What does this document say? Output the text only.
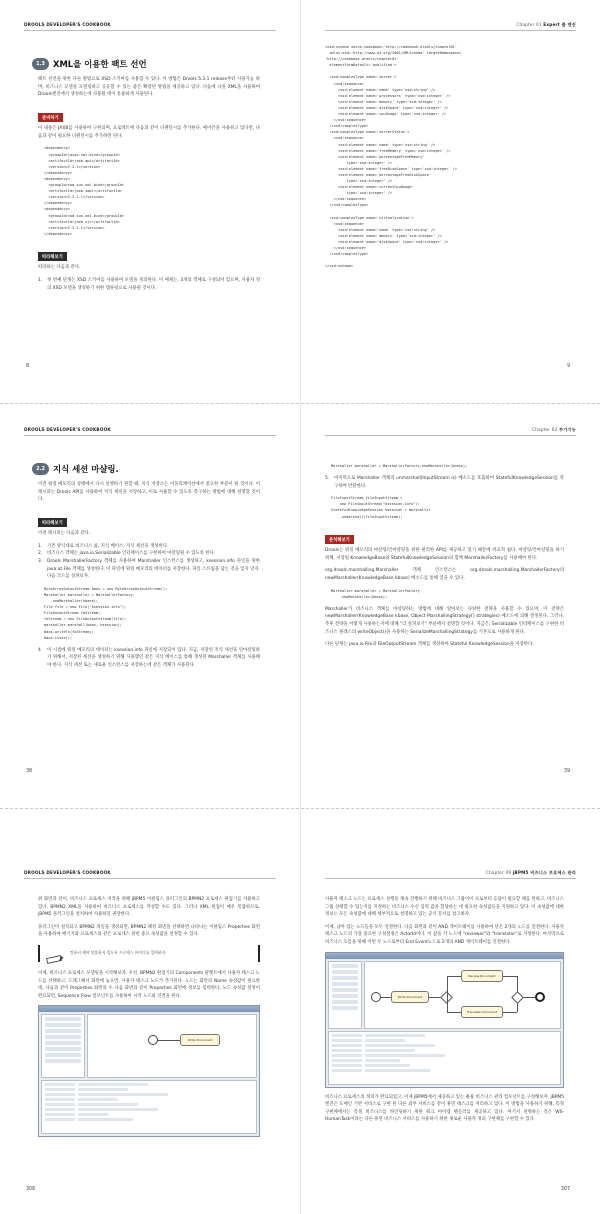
DROOLS DEVELOPER'S COOKBOOK
1.3 XML을 이용한 팩트 선언

팩트 선언을 위한 다른 방법으로 XSD 스키마를 사용할 수 있다. 이 방법은 Drools 5.3.1 release부터 사용가능 하며, 비즈니스 모델을 모델링하고 공유할 수 있는 좋은 확장된 방법을 제공하고 있다. 다음에 나올 XML을 사용하여 Drools엔진에서 생성하는데 사용될 데이 유용하게 사용된다.

준비하기

이 내용은 JAXB를 사용하여 구현되며, 프로젝트에 다음과 같이 디펜던시를 추가한다. 메이븐을 사용하고 있다면, 다음과 같이 필요한 디펜던시를 추가하면 된다.

<dependency>
<groupId>javax.xml.bind</groupId>
<artifactId>jaxb-api</artifactId>
<version>2.2.1</version>
</dependency>
<dependency>
<groupId>com.sun.xml.bind</groupId>
<artifactId>jaxb-impl</artifactId>
<version>2.2.1.1</version>
</dependency>
<dependency>
<groupId>com.sun.xml.bind</groupId>
<artifactId>jaxb-xjc</artifactId>
<version>2.2.1.1</version>
</dependency>
따라해보기

따라하는 다음과 같다.

1.	첫 번째 단계는 XSD 스키마를 사용하여 모델을 정의한다. 이 예제는, 3개의 객체로 구성되어 있으며, 사용자 정의 XSD 모델을 생성하기 위한 템플릿으로 사용될 것이다.
8
Chapter 01 Expert 플 엔진
<xsd:schema xmlns:cookbook='http://cookbook.drools/chapter01'
xmlns:xsd='http://www.w3.org/2001/XMLSchema' targetNamespace=
'http://cookbook.drools/chapter01'
elementFormDefault='qualified'>

<xsd:complexType name='server'>
<xsd:sequence>
<xsd:element name='name' type='xsd:string' />
<xsd:element name='processors' type='xsd:integer' />
<xsd:element name='memory' type='xsd:integer' />
<xsd:element name='diskSpace' type='xsd:integer' />
<xsd:element name='cpuUsage' type='xsd:integer' />
</xsd:sequence>
</xsd:complexType>
<xsd:complexType name='serverStatus'>
<xsd:sequence>
<xsd:element name='name' type='xsd:string' />
<xsd:element name='freeMemory' type='xsd:integer' />
<xsd:element name='percentageFreeMemory'
type='xsd:integer' />
<xsd:element name='freeDiskSpace' type='xsd:integer' />
<xsd:element name='percentageFreeDiskSpace'
type='xsd:integer' />
<xsd:element name='currentCpuUsage'
type='xsd:integer' />
</xsd:sequence>
</xsd:complexType>

<xsd:complexType name='virtualization'>
<xsd:sequence>
<xsd:element name='name' type='xsd:string' />
<xsd:element name='memory' type='xsd:integer' />
<xsd:element name='diskSpace' type='xsd:integer' />
</xsd:sequence>
</xsd:complexType>

</xsd:schema>
9
DROOLS DEVELOPER'S COOKBOOK
2.2 지식 세션 마샬링.

이전 워킹 메모리의 상태에서 다시 실행하기 원할 때, 지식 저장소는 어플리케이션에서 중요한 부분이 될 것이다. 이 레시피는 Drools API를 사용하여 지식 세션을 저장하고, 이로 사용할 수 있도록 복구하는 방법에 대해 설명할 것이다.

따라해보기

이전 레시피는 다음과 같다.

1.	기존 방식대로 비즈니스 룰, 지식 베이스, 지식 세션을 생성한다.
2.	비즈니스 객체는 java.io.Serializable 인터페이스를 구현하여 마샬링될 수 있도록 한다.
3.	Drools MarshallerFactory 객체를 사용하여 Marshaller 인스턴스를 생성하고, ksession.info 파일을 위한 java.ut.File 객체를 생성한다. 이 파일에 워킹 메모리의 데이터를 저장한다. 파일 스트림을 담는 것을 잊지 말자. 다음 코드를 살펴보자.
ByteArrayOutputStream baos = new ByteArrayOutputStream();
Marshaller marshaller = MarshallerFactory.
newMarshaller(kbase);
File file = new File("ksession.info");
FileOutputStream foStream;
foStream = new FileOutputStream(file);
marshaller.marshall(baos, ksession);
baos.writeTo(foStream);
baos.close();
4.	이 시점에 워킹 메모리의 데이터는 ksession.info 파일에 저장되어 있다. 지금, 저장된 지식 세션을 언마샬링하기 위해서, 저장된 세션을 생성하기 위해 사용했던 같은 지식 베이스를 통해 생성된 Marshaller 객체를 사용해야 한다. 지식 세션 또는 새로운 인스턴스를 저장하는데 같은 객체가 사용된다.
38
Chapter 02 부가기능
Marshaller marshaller = MarshallerFactory.newMarshaller(kbase);
5.	마지막으로 Marshaller 객체의 unmarshall(InputStream is) 메소드를 호출하여 StatefulKnowledgeSession를 복구하여 반환한다.
FileInputStream fileInputStream =
new FileInputStream("ksession.info");
StatefulKnowledgeSession ksession = marshaller
.unmarshall(fileInputStream);
분석해보기

Drools는 워킹 메모리의 마샬링/언마샬링을 위한 편리한 API를 제공하고 있기 때문에 비교적 쉽다. 마샬링/언마샬링을 하기 위해, 저장될 KnowledgeBase와 StatefulKnowledgeSession의 함께 MarshallerFactory를 사용해야 한다.

org.drools.marshalling.Marshaller 객체 인스턴스는 org.drools.marshalling.MarshallerFactory의 newMarshaller(KnowledgeBase kbase) 메소드를 통해 얻을 수 있다.

Marshaller marshaller = MarshallerFactory
.newMarshaller(kbase);

Marshaller가 비즈니스 객체를 마샬링하는 방법에 대해 알아보는 다양한 전략을 사용할 수 있으며, 이 전략은 newMarshaller(KnowledgeBase kbase, Object MarshallingStrategy[] strategies) 메소드에 의해 결정된다. 그러나, 추후 전략을 어떻게 사용하는지에 대해 "더 살펴보기" 부분에서 설명할 것이다. 지금은, Serializable 인터페이스를 구현한 비즈니스 클래스의 writeObject()을 사용하는 SerializeMarshallingStrategy를 기본으로 사용하게 한다.

다른 단계는 java.io.File과 FileOutputStream 객체를 생성하여 Stateful KnowledgeSession을 저장한다.

39
DROOLS DEVELOPER'S COOKBOOK

위 화면과 같이, 비즈니스 프로세스 저작을 위해 jBPM5 이클립스 플러그인의 BPMN2 프로세스 편집기를 사용하고 있다. BPMN2 XML을 사용하여 비즈니스 프로세스를 작성할 수도 있다. 그러나 XML 편집이 매우 복잡하므로, jBPM5 플러그인을 설치하여 사용하길 권장한다.

플러그인이 설치되고 BPMN2 파일을 생성되면, BPMN2 패킹 화면을 선택하면 나타나는 이클립스 Properties 화면을 사용하여 매기지와 프로세스의 같은 프로세스 관련 중요 속성값을 설정할 수 있다.

컴퓨터 해야 덧붙하지 업도록 프로세스 아이디를 입력하자.

이제, 비즈니스 프로세스 모델링을 시작해보자. 우선, BPMN2 편집기의 Components 팔렛트에서 사용자 태스크 노드를 선택하고, 드래그해서 화면에 놓으면, 사용자 태스크 노드가 추가된다. 노드는 화면의 Name 속성값이 필요한데, 다음과 같이 Properties 화면의 수 다음 화면과 같이 Properties 화면에 정보를 입력한다, 노드 속성값 설정이 완료되면, Sequence Flow 컴포넌트를 사용하여 시작 노드와 연결을 한다.

Write Document
306
Chapter 09 jBPM5 비즈니스 프로세스 관리

사용자 태스크 노드는 프로세스 실행을 계속 진행하기 위해 비즈니스 그룹이이 프로부터 응답이 필요할 때를 말하고, 비즈니스 그룹 상태할 수 있는지를 지정하는 비즈니스 수신 입력 값을 할당하는 데 필요한 속성값들을 지원하고 있다. 이 속성값에 대한 정보는 모든 속성값에 대해 세부적으로 설명하고 있는 공식 문서를 참고하자.

이제, 남아 있는 노드들을 모두 연결한다. 다음 화면과 같이 AND 게이트웨이를 사용하여 단은 2개의 노드를 연결한다. 사용자 태스크 노드의 가장 중요한 구성설정은 ActorId이다. 이 값을 각 노드에 "reviewer"와 "translator"로 지정한다. 마지막으로 비즈니스 흐름을 위해 이번 두 노드로부터 End Event노드로 2개의 AND 게이트웨이를 연결한다.

Write Document
Review Document
Translate Document

비즈니스 프로세스의 정의가 완료되었고, 이제 jBPM5에서 제공하고 있는 훌륭 비즈니스 관리 컴포넌트를 구성해보자. jBPM5 엔진은 도메인 기반 서비스로 구현 된 다른 외부 서비스를 같이 휴먼 태스크를 처리하고 있다. 이 방법을 사용하기 위해, 특정 구현체에서는 특정 비즈니스를 바인딩하기 위한 워크 아이템 핸들러를 제공하고 있다. 여기서 설명하는 것은 WS-HumanTask이라는 다른 휴먼 비즈니스 서비스를 사용하기 위한 새로운 사용자 정의 구현체를 구현할 수 있다.

307
